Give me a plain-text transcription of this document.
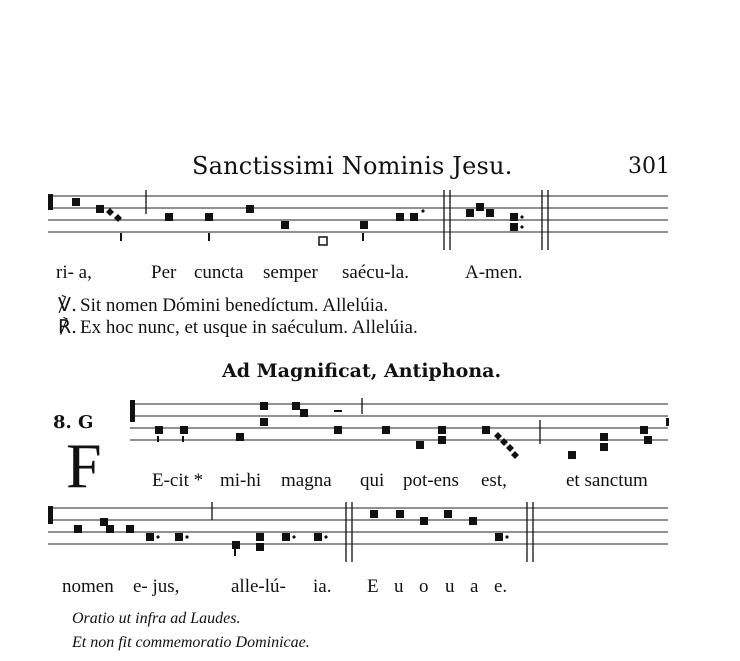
Sanctissimi Nominis Jesu.	301
ri- a,	Per cuncta semper saécu-la.	A-men.
℣. Sit nomen Dómini benedíctum. Allelúia.
℟. Ex hoc nunc, et usque in saéculum. Allelúia.
Ad Magnificat, Antiphona.
8. G
F	E-cit * mi-hi magna qui pot-ens est,	et sanctum
nomen e- jus,	alle-lú- ia. E u o u a e.
Oratio ut infra ad Laudes.
Et non fit commemoratio Dominicae.
